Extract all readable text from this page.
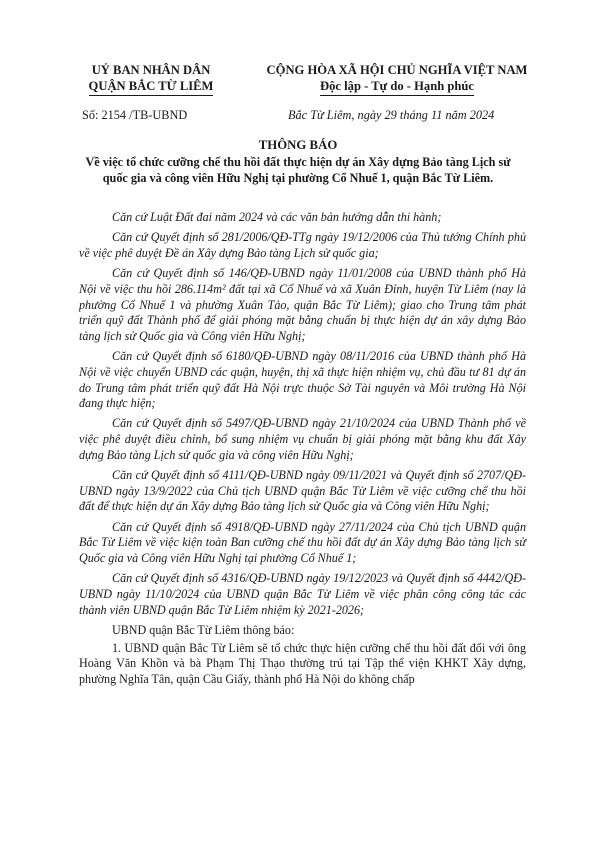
UỶ BAN NHÂN DÂN
QUẬN BẮC TỪ LIÊM
CỘNG HÒA XÃ HỘI CHỦ NGHĨA VIỆT NAM
Độc lập - Tự do - Hạnh phúc
Số: 2154 /TB-UBND	Bắc Từ Liêm, ngày 29 tháng 11 năm 2024
THÔNG BÁO
Về việc tổ chức cưỡng chế thu hồi đất thực hiện dự án Xây dựng Bảo tàng Lịch sử
quốc gia và công viên Hữu Nghị tại phường Cổ Nhuế 1, quận Bắc Từ Liêm.

Căn cứ Luật Đất đai năm 2024 và các văn bản hướng dẫn thi hành;

Căn cứ Quyết định số 281/2006/QĐ-TTg ngày 19/12/2006 của Thủ tướng Chính phủ về việc phê duyệt Đề án Xây dựng Bảo tàng Lịch sử quốc gia;

Căn cứ Quyết định số 146/QĐ-UBND ngày 11/01/2008 của UBND thành phố Hà Nội về việc thu hồi 286.114m² đất tại xã Cổ Nhuế và xã Xuân Đỉnh, huyện Từ Liêm (nay là phường Cổ Nhuế 1 và phường Xuân Tảo, quận Bắc Từ Liêm); giao cho Trung tâm phát triển quỹ đất Thành phố để giải phóng mặt bằng chuẩn bị thực hiện dự án xây dựng Bảo tàng lịch sử Quốc gia và Công viên Hữu Nghị;

Căn cứ Quyết định số 6180/QĐ-UBND ngày 08/11/2016 của UBND thành phố Hà Nội về việc chuyển UBND các quận, huyện, thị xã thực hiện nhiệm vụ, chủ đầu tư 81 dự án do Trung tâm phát triển quỹ đất Hà Nội trực thuộc Sở Tài nguyên và Môi trường Hà Nội đang thực hiện;

Căn cứ Quyết định số 5497/QĐ-UBND ngày 21/10/2024 của UBND Thành phố về việc phê duyệt điều chỉnh, bổ sung nhiệm vụ chuẩn bị giải phóng mặt bằng khu đất Xây dựng Bảo tàng Lịch sử quốc gia và công viên Hữu Nghị;

Căn cứ Quyết định số 4111/QĐ-UBND ngày 09/11/2021 và Quyết định số 2707/QĐ-UBND ngày 13/9/2022 của Chủ tịch UBND quận Bắc Từ Liêm về việc cưỡng chế thu hồi đất để thực hiện dự án Xây dựng Bảo tàng lịch sử Quốc gia và Công viên Hữu Nghị;

Căn cứ Quyết định số 4918/QĐ-UBND ngày 27/11/2024 của Chủ tịch UBND quận Bắc Từ Liêm về việc kiện toàn Ban cưỡng chế thu hồi đất dự án Xây dựng Bảo tàng lịch sử Quốc gia và Công viên Hữu Nghị tại phường Cổ Nhuế 1;

Căn cứ Quyết định số 4316/QĐ-UBND ngày 19/12/2023 và Quyết định số 4442/QĐ-UBND ngày 11/10/2024 của UBND quận Bắc Từ Liêm về việc phân công công tác các thành viên UBND quận Bắc Từ Liêm nhiệm kỳ 2021-2026;

UBND quận Bắc Từ Liêm thông báo:

1. UBND quận Bắc Từ Liêm sẽ tổ chức thực hiện cưỡng chế thu hồi đất đối với ông Hoàng Văn Khồn và bà Phạm Thị Thạo thường trú tại Tập thể viện KHKT Xây dựng, phường Nghĩa Tân, quận Cầu Giấy, thành phố Hà Nội do không chấp
